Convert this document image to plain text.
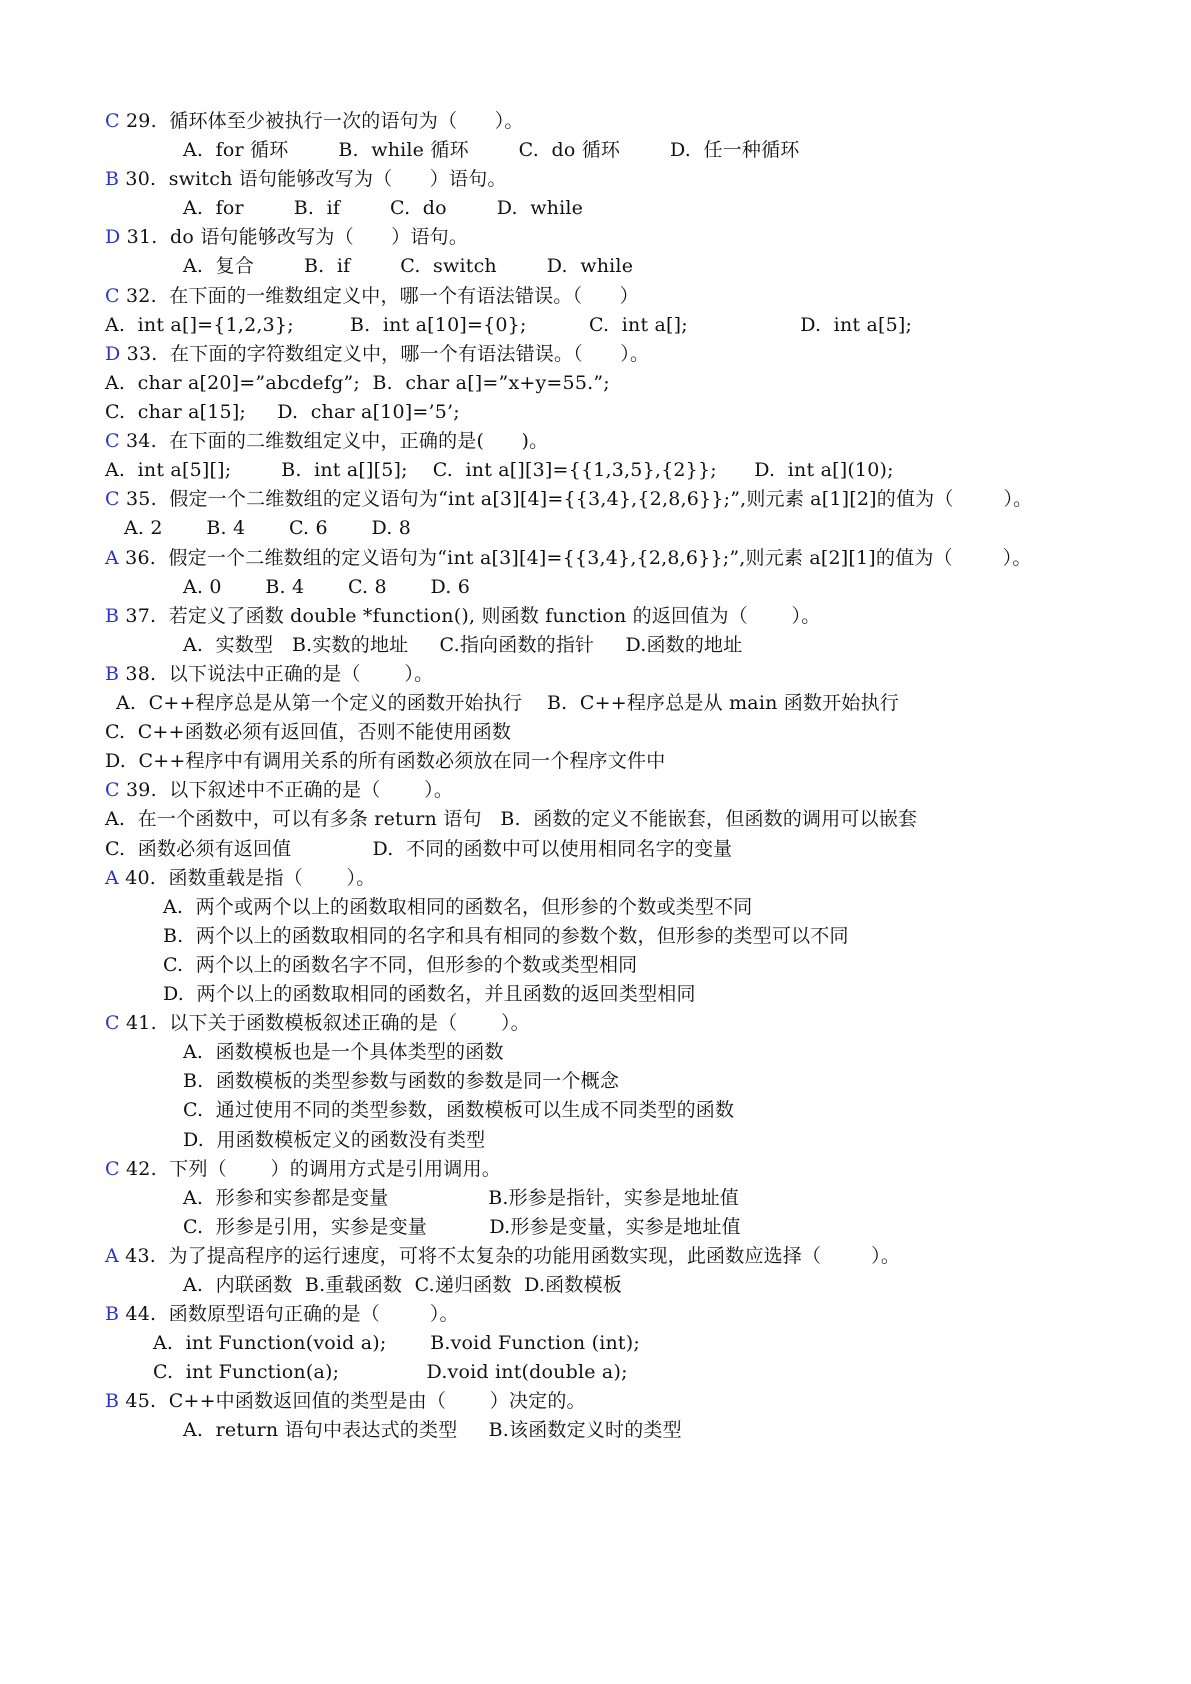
C 29.  循环体至少被执行一次的语句为（      ）。
A.  for 循环        B.  while 循环        C.  do 循环        D.  任一种循环
B 30.  switch 语句能够改写为（      ）语句。
A.  for        B.  if        C.  do        D.  while
D 31.  do 语句能够改写为（      ）语句。
A.  复合        B.  if        C.  switch        D.  while
C 32.  在下面的一维数组定义中，哪一个有语法错误。（      ）
A.  int a[]={1,2,3};         B.  int a[10]={0};          C.  int a[];                  D.  int a[5];
D 33.  在下面的字符数组定义中，哪一个有语法错误。（      ）。
A.  char a[20]=”abcdefg”;  B.  char a[]=”x+y=55.”;
C.  char a[15];     D.  char a[10]=’5’;
C 34.  在下面的二维数组定义中，正确的是(      )。
A.  int a[5][];        B.  int a[][5];    C.  int a[][3]={{1,3,5},{2}};      D.  int a[](10);
C 35.  假定一个二维数组的定义语句为“int a[3][4]={{3,4},{2,8,6}};”,则元素 a[1][2]的值为（        ）。
A. 2       B. 4       C. 6       D. 8
A 36.  假定一个二维数组的定义语句为“int a[3][4]={{3,4},{2,8,6}};”,则元素 a[2][1]的值为（        ）。
A. 0       B. 4       C. 8       D. 6
B 37.  若定义了函数 double *function(), 则函数 function 的返回值为（       ）。
A.  实数型   B.实数的地址     C.指向函数的指针     D.函数的地址
B 38.  以下说法中正确的是（       ）。
A.  C++程序总是从第一个定义的函数开始执行    B.  C++程序总是从 main 函数开始执行
C.  C++函数必须有返回值，否则不能使用函数
D.  C++程序中有调用关系的所有函数必须放在同一个程序文件中
C 39.  以下叙述中不正确的是（       ）。
A.  在一个函数中，可以有多条 return 语句   B.  函数的定义不能嵌套，但函数的调用可以嵌套
C.  函数必须有返回值             D.  不同的函数中可以使用相同名字的变量
A 40.  函数重载是指（       ）。
A.  两个或两个以上的函数取相同的函数名，但形参的个数或类型不同
B.  两个以上的函数取相同的名字和具有相同的参数个数，但形参的类型可以不同
C.  两个以上的函数名字不同，但形参的个数或类型相同
D.  两个以上的函数取相同的函数名，并且函数的返回类型相同
C 41.  以下关于函数模板叙述正确的是（       ）。
A.  函数模板也是一个具体类型的函数
B.  函数模板的类型参数与函数的参数是同一个概念
C.  通过使用不同的类型参数，函数模板可以生成不同类型的函数
D.  用函数模板定义的函数没有类型
C 42.  下列（       ）的调用方式是引用调用。
A.  形参和实参都是变量                B.形参是指针，实参是地址值
C.  形参是引用，实参是变量          D.形参是变量，实参是地址值
A 43.  为了提高程序的运行速度，可将不太复杂的功能用函数实现，此函数应选择（        ）。
A.  内联函数  B.重载函数  C.递归函数  D.函数模板
B 44.  函数原型语句正确的是（        ）。
A.  int Function(void a);       B.void Function (int);
C.  int Function(a);              D.void int(double a);
B 45.  C++中函数返回值的类型是由（       ）决定的。
A.  return 语句中表达式的类型     B.该函数定义时的类型
